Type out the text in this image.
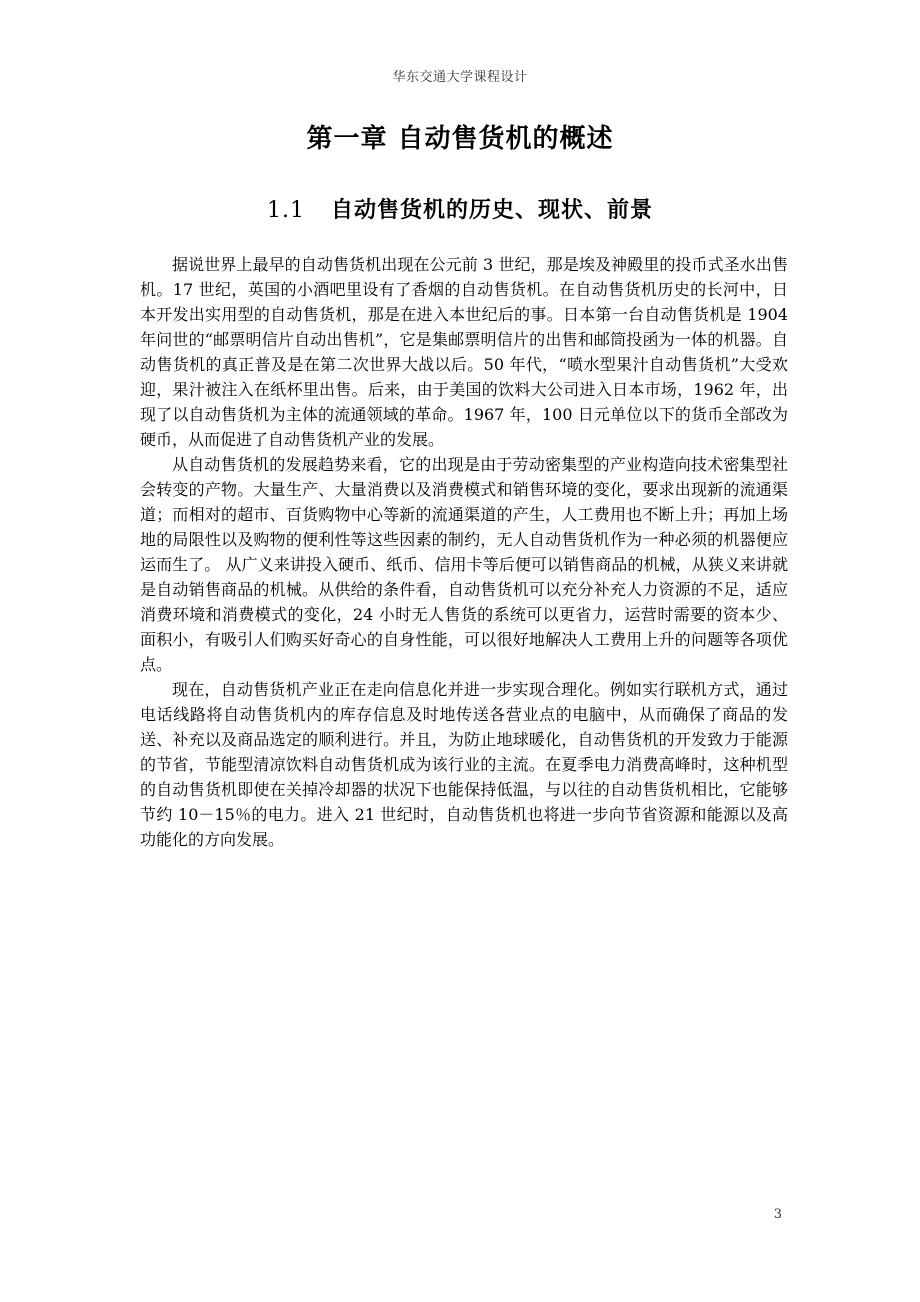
华东交通大学课程设计
第一章 自动售货机的概述
1.1 自动售货机的历史、现状、前景

据说世界上最早的自动售货机出现在公元前 3 世纪，那是埃及神殿里的投币式圣水出售机。17 世纪，英国的小酒吧里设有了香烟的自动售货机。在自动售货机历史的长河中，日本开发出实用型的自动售货机，那是在进入本世纪后的事。日本第一台自动售货机是 1904 年问世的“邮票明信片自动出售机”，它是集邮票明信片的出售和邮筒投函为一体的机器。自动售货机的真正普及是在第二次世界大战以后。50 年代，“喷水型果汁自动售货机”大受欢迎，果汁被注入在纸杯里出售。后来，由于美国的饮料大公司进入日本市场，1962 年，出现了以自动售货机为主体的流通领域的革命。1967 年，100 日元单位以下的货币全部改为硬币，从而促进了自动售货机产业的发展。

从自动售货机的发展趋势来看，它的出现是由于劳动密集型的产业构造向技术密集型社会转变的产物。大量生产、大量消费以及消费模式和销售环境的变化，要求出现新的流通渠道；而相对的超市、百货购物中心等新的流通渠道的产生，人工费用也不断上升；再加上场地的局限性以及购物的便利性等这些因素的制约，无人自动售货机作为一种必须的机器便应运而生了。 从广义来讲投入硬币、纸币、信用卡等后便可以销售商品的机械，从狭义来讲就是自动销售商品的机械。从供给的条件看，自动售货机可以充分补充人力资源的不足，适应消费环境和消费模式的变化，24 小时无人售货的系统可以更省力，运营时需要的资本少、面积小，有吸引人们购买好奇心的自身性能，可以很好地解决人工费用上升的问题等各项优点。

现在，自动售货机产业正在走向信息化并进一步实现合理化。例如实行联机方式，通过电话线路将自动售货机内的库存信息及时地传送各营业点的电脑中，从而确保了商品的发送、补充以及商品选定的顺利进行。并且，为防止地球暖化，自动售货机的开发致力于能源的节省，节能型清凉饮料自动售货机成为该行业的主流。在夏季电力消费高峰时，这种机型的自动售货机即使在关掉冷却器的状况下也能保持低温，与以往的自动售货机相比，它能够节约 10－15％的电力。进入 21 世纪时，自动售货机也将进一步向节省资源和能源以及高功能化的方向发展。

3
